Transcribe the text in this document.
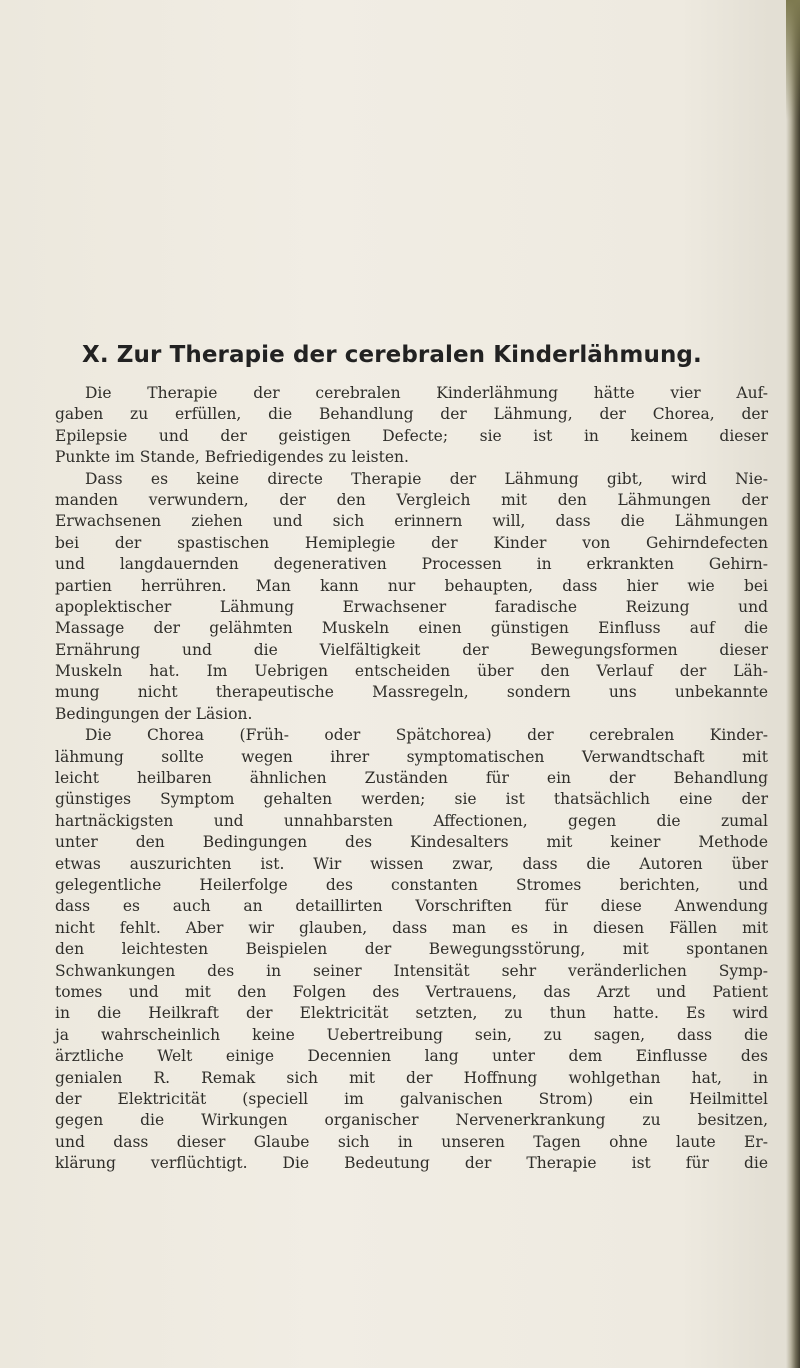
X. Zur Therapie der cerebralen Kinderlähmung.
Die Therapie der cerebralen Kinderlähmung hätte vier Auf-
gaben zu erfüllen, die Behandlung der Lähmung, der Chorea, der
Epilepsie und der geistigen Defecte; sie ist in keinem dieser
Punkte im Stande, Befriedigendes zu leisten.
Dass es keine directe Therapie der Lähmung gibt, wird Nie-
manden verwundern, der den Vergleich mit den Lähmungen der
Erwachsenen ziehen und sich erinnern will, dass die Lähmungen
bei der spastischen Hemiplegie der Kinder von Gehirndefecten
und langdauernden degenerativen Processen in erkrankten Gehirn-
partien herrühren. Man kann nur behaupten, dass hier wie bei
apoplektischer Lähmung Erwachsener faradische Reizung und
Massage der gelähmten Muskeln einen günstigen Einfluss auf die
Ernährung und die Vielfältigkeit der Bewegungsformen dieser
Muskeln hat. Im Uebrigen entscheiden über den Verlauf der Läh-
mung nicht therapeutische Massregeln, sondern uns unbekannte
Bedingungen der Läsion.
Die Chorea (Früh- oder Spätchorea) der cerebralen Kinder-
lähmung sollte wegen ihrer symptomatischen Verwandtschaft mit
leicht heilbaren ähnlichen Zuständen für ein der Behandlung
günstiges Symptom gehalten werden; sie ist thatsächlich eine der
hartnäckigsten und unnahbarsten Affectionen, gegen die zumal
unter den Bedingungen des Kindesalters mit keiner Methode
etwas auszurichten ist. Wir wissen zwar, dass die Autoren über
gelegentliche Heilerfolge des constanten Stromes berichten, und
dass es auch an detaillirten Vorschriften für diese Anwendung
nicht fehlt. Aber wir glauben, dass man es in diesen Fällen mit
den leichtesten Beispielen der Bewegungsstörung, mit spontanen
Schwankungen des in seiner Intensität sehr veränderlichen Symp-
tomes und mit den Folgen des Vertrauens, das Arzt und Patient
in die Heilkraft der Elektricität setzten, zu thun hatte. Es wird
ja wahrscheinlich keine Uebertreibung sein, zu sagen, dass die
ärztliche Welt einige Decennien lang unter dem Einflusse des
genialen R. Remak sich mit der Hoffnung wohlgethan hat, in
der Elektricität (speciell im galvanischen Strom) ein Heilmittel
gegen die Wirkungen organischer Nervenerkrankung zu besitzen,
und dass dieser Glaube sich in unseren Tagen ohne laute Er-
klärung verflüchtigt. Die Bedeutung der Therapie ist für die
